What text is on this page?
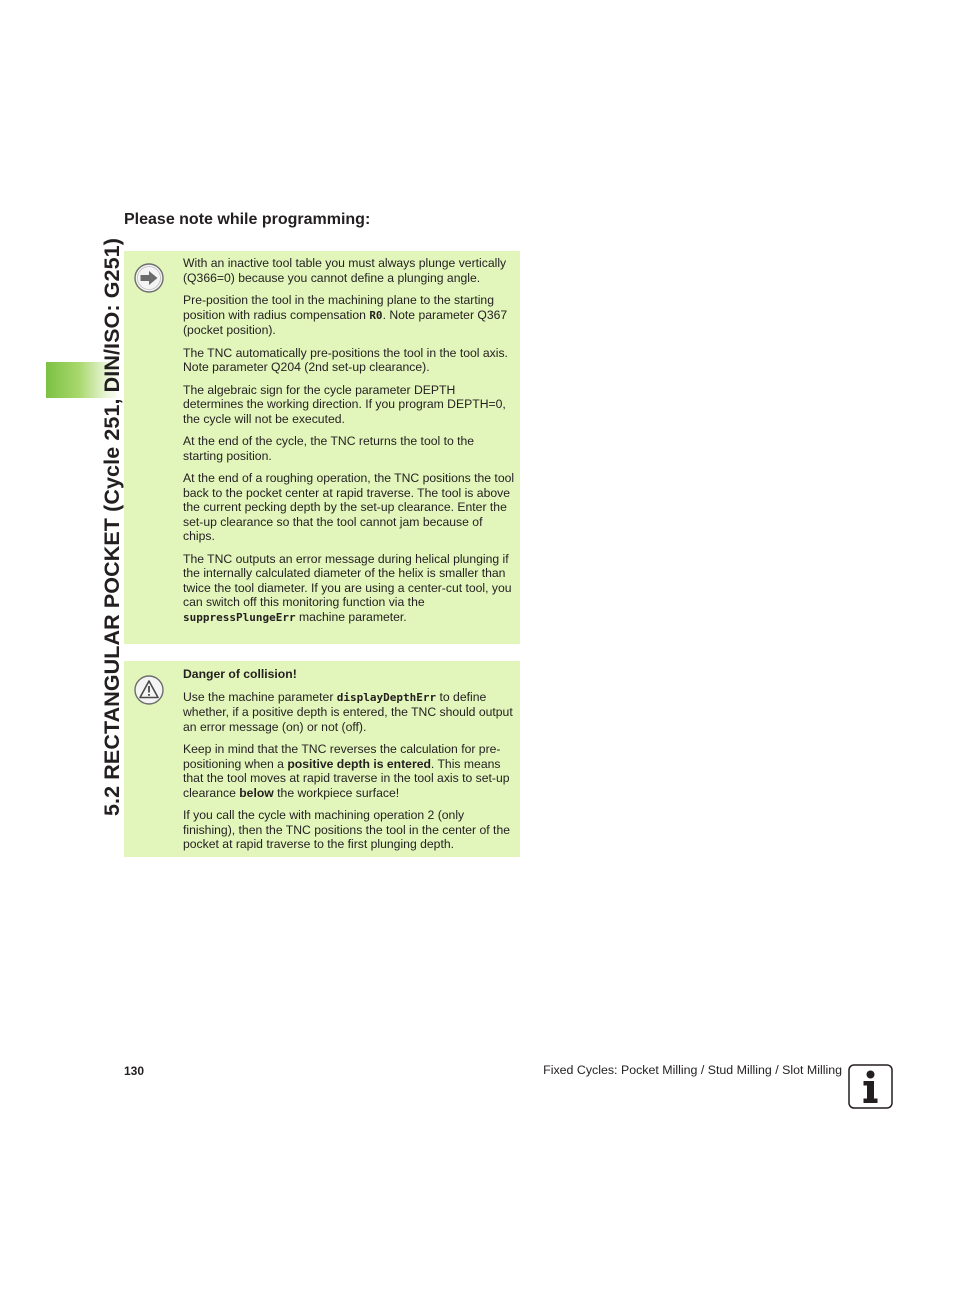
5.2 RECTANGULAR POCKET (Cycle 251, DIN/ISO: G251)
Please note while programming:

With an inactive tool table you must always plunge vertically (Q366=0) because you cannot define a plunging angle.

Pre-position the tool in the machining plane to the starting position with radius compensation R0. Note parameter Q367 (pocket position).

The TNC automatically pre-positions the tool in the tool axis. Note parameter Q204 (2nd set-up clearance).

The algebraic sign for the cycle parameter DEPTH determines the working direction. If you program DEPTH=0, the cycle will not be executed.

At the end of the cycle, the TNC returns the tool to the starting position.

At the end of a roughing operation, the TNC positions the tool back to the pocket center at rapid traverse. The tool is above the current pecking depth by the set-up clearance. Enter the set-up clearance so that the tool cannot jam because of chips.

The TNC outputs an error message during helical plunging if the internally calculated diameter of the helix is smaller than twice the tool diameter. If you are using a center-cut tool, you can switch off this monitoring function via the suppressPlungeErr machine parameter.

Danger of collision!

Use the machine parameter displayDepthErr to define whether, if a positive depth is entered, the TNC should output an error message (on) or not (off).

Keep in mind that the TNC reverses the calculation for pre-positioning when a positive depth is entered. This means that the tool moves at rapid traverse in the tool axis to set-up clearance below the workpiece surface!

If you call the cycle with machining operation 2 (only finishing), then the TNC positions the tool in the center of the pocket at rapid traverse to the first plunging depth.

130	Fixed Cycles: Pocket Milling / Stud Milling / Slot Milling
